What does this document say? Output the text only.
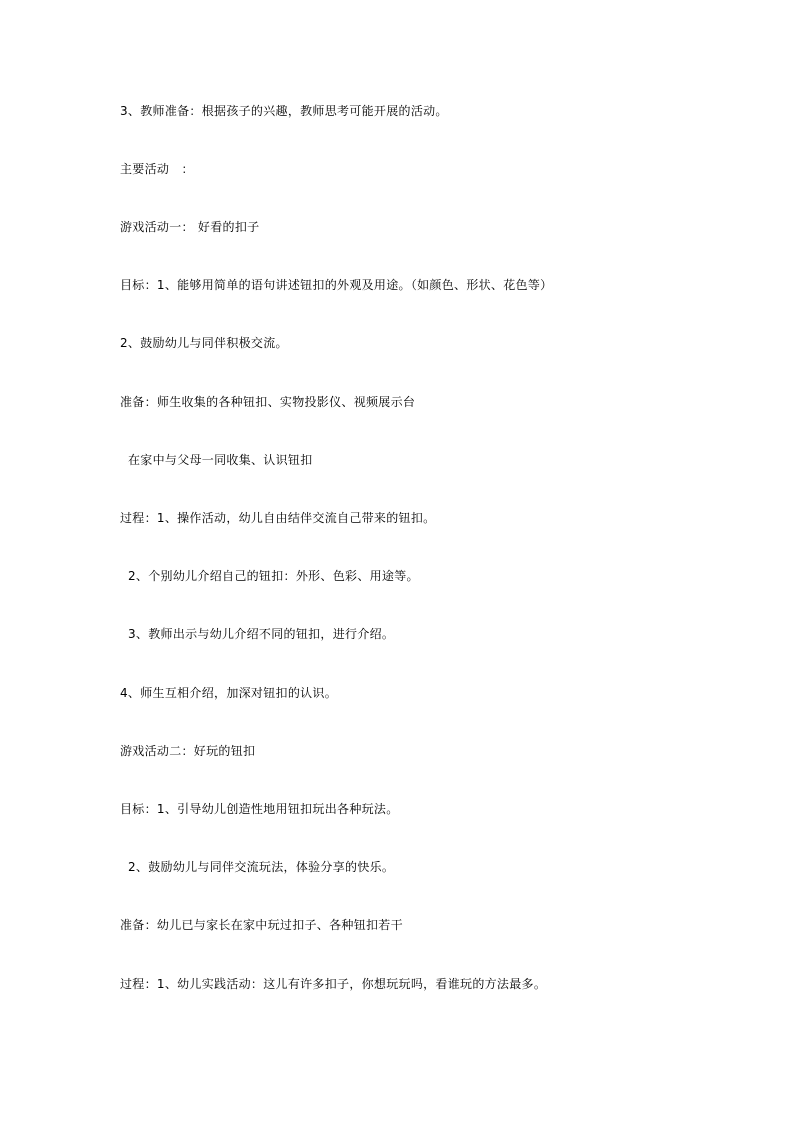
3、教师准备：根据孩子的兴趣，教师思考可能开展的活动。
主要活动　：
游戏活动一： 好看的扣子
目标：1、能够用简单的语句讲述钮扣的外观及用途。（如颜色、形状、花色等）
2、鼓励幼儿与同伴积极交流。
准备：师生收集的各种钮扣、实物投影仪、视频展示台
在家中与父母一同收集、认识钮扣
过程：1、操作活动，幼儿自由结伴交流自己带来的钮扣。
2、个别幼儿介绍自己的钮扣：外形、色彩、用途等。
3、教师出示与幼儿介绍不同的钮扣，进行介绍。
4、师生互相介绍，加深对钮扣的认识。
游戏活动二：好玩的钮扣
目标：1、引导幼儿创造性地用钮扣玩出各种玩法。
2、鼓励幼儿与同伴交流玩法，体验分享的快乐。
准备：幼儿已与家长在家中玩过扣子、各种钮扣若干
过程：1、幼儿实践活动：这儿有许多扣子，你想玩玩吗，看谁玩的方法最多。
